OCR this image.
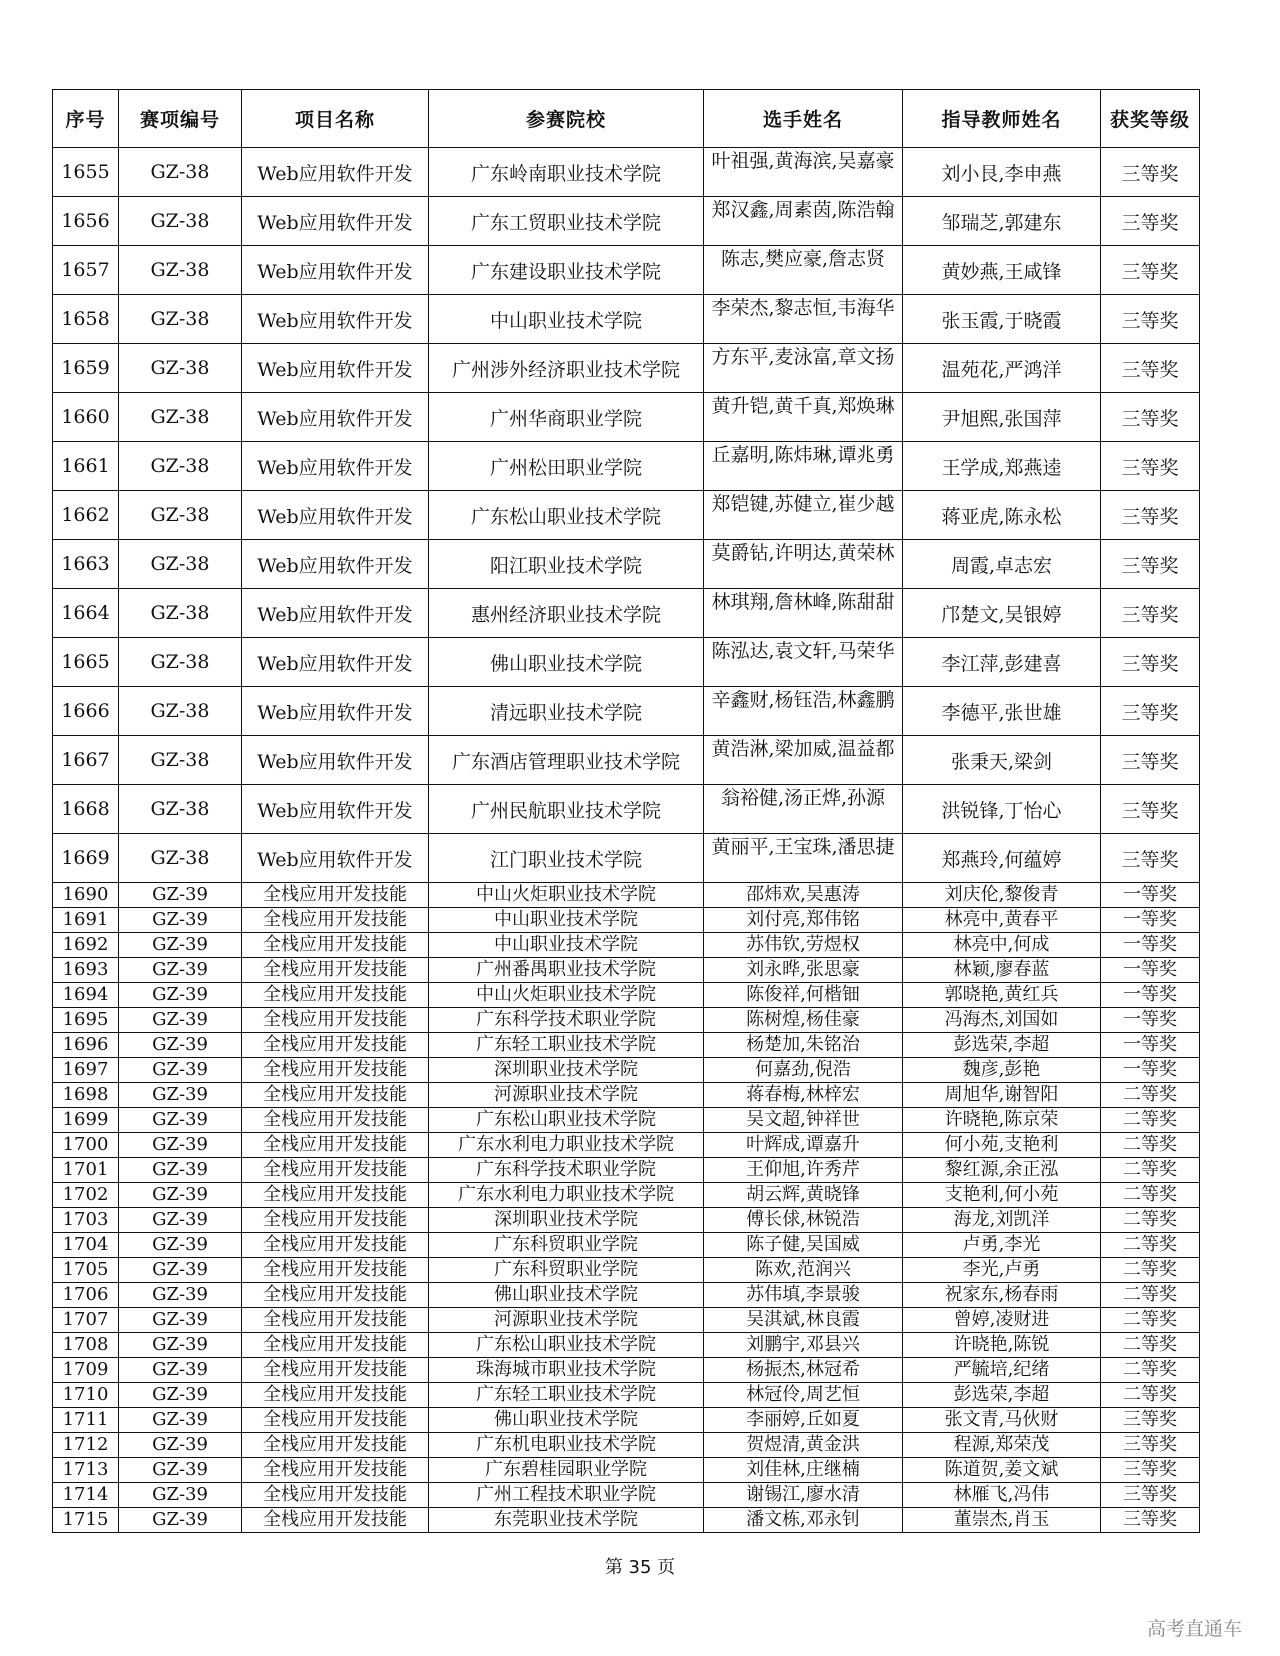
序号	赛项编号	项目名称	参赛院校	选手姓名	指导教师姓名	获奖等级
1655	GZ-38	Web应用软件开发	广东岭南职业技术学院	叶祖强,黄海滨,吴嘉豪	刘小艮,李申燕	三等奖
1656	GZ-38	Web应用软件开发	广东工贸职业技术学院	郑汉鑫,周素茵,陈浩翰	邹瑞芝,郭建东	三等奖
1657	GZ-38	Web应用软件开发	广东建设职业技术学院	陈志,樊应豪,詹志贤	黄妙燕,王咸锋	三等奖
1658	GZ-38	Web应用软件开发	中山职业技术学院	李荣杰,黎志恒,韦海华	张玉霞,于晓霞	三等奖
1659	GZ-38	Web应用软件开发	广州涉外经济职业技术学院	方东平,麦泳富,章文扬	温苑花,严鸿洋	三等奖
1660	GZ-38	Web应用软件开发	广州华商职业学院	黄升铠,黄千真,郑焕琳	尹旭熙,张国萍	三等奖
1661	GZ-38	Web应用软件开发	广州松田职业学院	丘嘉明,陈炜琳,谭兆勇	王学成,郑燕逵	三等奖
1662	GZ-38	Web应用软件开发	广东松山职业技术学院	郑铠键,苏健立,崔少越	蒋亚虎,陈永松	三等奖
1663	GZ-38	Web应用软件开发	阳江职业技术学院	莫爵钻,许明达,黄荣林	周霞,卓志宏	三等奖
1664	GZ-38	Web应用软件开发	惠州经济职业技术学院	林琪翔,詹林峰,陈甜甜	邝楚文,吴银婷	三等奖
1665	GZ-38	Web应用软件开发	佛山职业技术学院	陈泓达,袁文轩,马荣华	李江萍,彭建喜	三等奖
1666	GZ-38	Web应用软件开发	清远职业技术学院	辛鑫财,杨钰浩,林鑫鹏	李德平,张世雄	三等奖
1667	GZ-38	Web应用软件开发	广东酒店管理职业技术学院	黄浩淋,梁加威,温益都	张秉天,梁剑	三等奖
1668	GZ-38	Web应用软件开发	广州民航职业技术学院	翁裕健,汤正烨,孙源	洪锐锋,丁怡心	三等奖
1669	GZ-38	Web应用软件开发	江门职业技术学院	黄丽平,王宝珠,潘思捷	郑燕玲,何蕴婷	三等奖
1690	GZ-39	全栈应用开发技能	中山火炬职业技术学院	邵炜欢,吴惠涛	刘庆伦,黎俊青	一等奖
1691	GZ-39	全栈应用开发技能	中山职业技术学院	刘付亮,郑伟铭	林亮中,黄春平	一等奖
1692	GZ-39	全栈应用开发技能	中山职业技术学院	苏伟钦,劳煜权	林亮中,何成	一等奖
1693	GZ-39	全栈应用开发技能	广州番禺职业技术学院	刘永晔,张思豪	林颖,廖春蓝	一等奖
1694	GZ-39	全栈应用开发技能	中山火炬职业技术学院	陈俊祥,何楷钿	郭晓艳,黄红兵	一等奖
1695	GZ-39	全栈应用开发技能	广东科学技术职业学院	陈树煌,杨佳豪	冯海杰,刘国如	一等奖
1696	GZ-39	全栈应用开发技能	广东轻工职业技术学院	杨楚加,朱铭治	彭选荣,李超	一等奖
1697	GZ-39	全栈应用开发技能	深圳职业技术学院	何嘉劲,倪浩	魏彦,彭艳	一等奖
1698	GZ-39	全栈应用开发技能	河源职业技术学院	蒋春梅,林梓宏	周旭华,谢智阳	二等奖
1699	GZ-39	全栈应用开发技能	广东松山职业技术学院	吴文超,钟祥世	许晓艳,陈京荣	二等奖
1700	GZ-39	全栈应用开发技能	广东水利电力职业技术学院	叶辉成,谭嘉升	何小苑,支艳利	二等奖
1701	GZ-39	全栈应用开发技能	广东科学技术职业学院	王仰旭,许秀芹	黎红源,余正泓	二等奖
1702	GZ-39	全栈应用开发技能	广东水利电力职业技术学院	胡云辉,黄晓锋	支艳利,何小苑	二等奖
1703	GZ-39	全栈应用开发技能	深圳职业技术学院	傅长俅,林锐浩	海龙,刘凯洋	二等奖
1704	GZ-39	全栈应用开发技能	广东科贸职业学院	陈子健,吴国威	卢勇,李光	二等奖
1705	GZ-39	全栈应用开发技能	广东科贸职业学院	陈欢,范润兴	李光,卢勇	二等奖
1706	GZ-39	全栈应用开发技能	佛山职业技术学院	苏伟填,李景骏	祝家东,杨春雨	二等奖
1707	GZ-39	全栈应用开发技能	河源职业技术学院	吴淇斌,林良霞	曾婷,凌财进	二等奖
1708	GZ-39	全栈应用开发技能	广东松山职业技术学院	刘鹏宇,邓县兴	许晓艳,陈锐	二等奖
1709	GZ-39	全栈应用开发技能	珠海城市职业技术学院	杨振杰,林冠希	严毓培,纪绪	二等奖
1710	GZ-39	全栈应用开发技能	广东轻工职业技术学院	林冠伶,周艺恒	彭选荣,李超	二等奖
1711	GZ-39	全栈应用开发技能	佛山职业技术学院	李丽婷,丘如夏	张文青,马伙财	三等奖
1712	GZ-39	全栈应用开发技能	广东机电职业技术学院	贺煜清,黄金洪	程源,郑荣茂	三等奖
1713	GZ-39	全栈应用开发技能	广东碧桂园职业学院	刘佳林,庄继楠	陈道贺,姜文斌	三等奖
1714	GZ-39	全栈应用开发技能	广州工程技术职业学院	谢锡江,廖水清	林雁飞,冯伟	三等奖
1715	GZ-39	全栈应用开发技能	东莞职业技术学院	潘文栋,邓永钊	董崇杰,肖玉	三等奖
第 35 页
高考直通车
